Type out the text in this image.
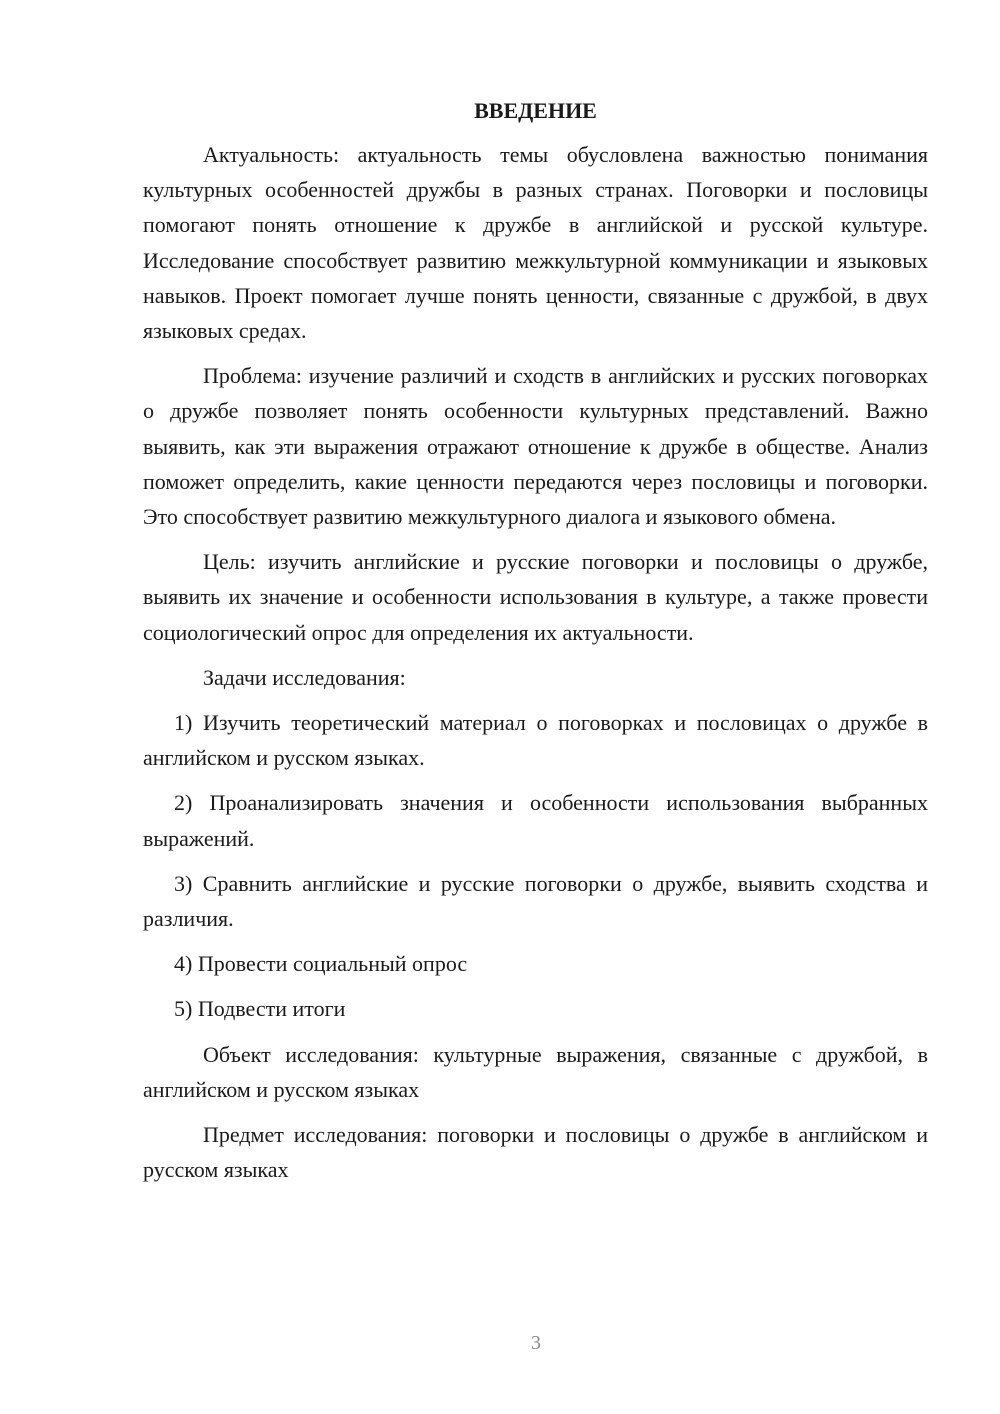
ВВЕДЕНИЕ

Актуальность: актуальность темы обусловлена важностью понимания культурных особенностей дружбы в разных странах. Поговорки и пословицы помогают понять отношение к дружбе в английской и русской культуре. Исследование способствует развитию межкультурной коммуникации и языковых навыков. Проект помогает лучше понять ценности, связанные с дружбой, в двух языковых средах.

Проблема: изучение различий и сходств в английских и русских поговорках о дружбе позволяет понять особенности культурных представлений. Важно выявить, как эти выражения отражают отношение к дружбе в обществе. Анализ поможет определить, какие ценности передаются через пословицы и поговорки. Это способствует развитию межкультурного диалога и языкового обмена.

Цель: изучить английские и русские поговорки и пословицы о дружбе, выявить их значение и особенности использования в культуре, а также провести социологический опрос для определения их актуальности.

Задачи исследования:

1) Изучить теоретический материал о поговорках и пословицах о дружбе в английском и русском языках.

2) Проанализировать значения и особенности использования выбранных выражений.

3) Сравнить английские и русские поговорки о дружбе, выявить сходства и различия.

4) Провести социальный опрос

5) Подвести итоги

Объект исследования: культурные выражения, связанные с дружбой, в английском и русском языках

Предмет исследования: поговорки и пословицы о дружбе в английском и русском языках

3
